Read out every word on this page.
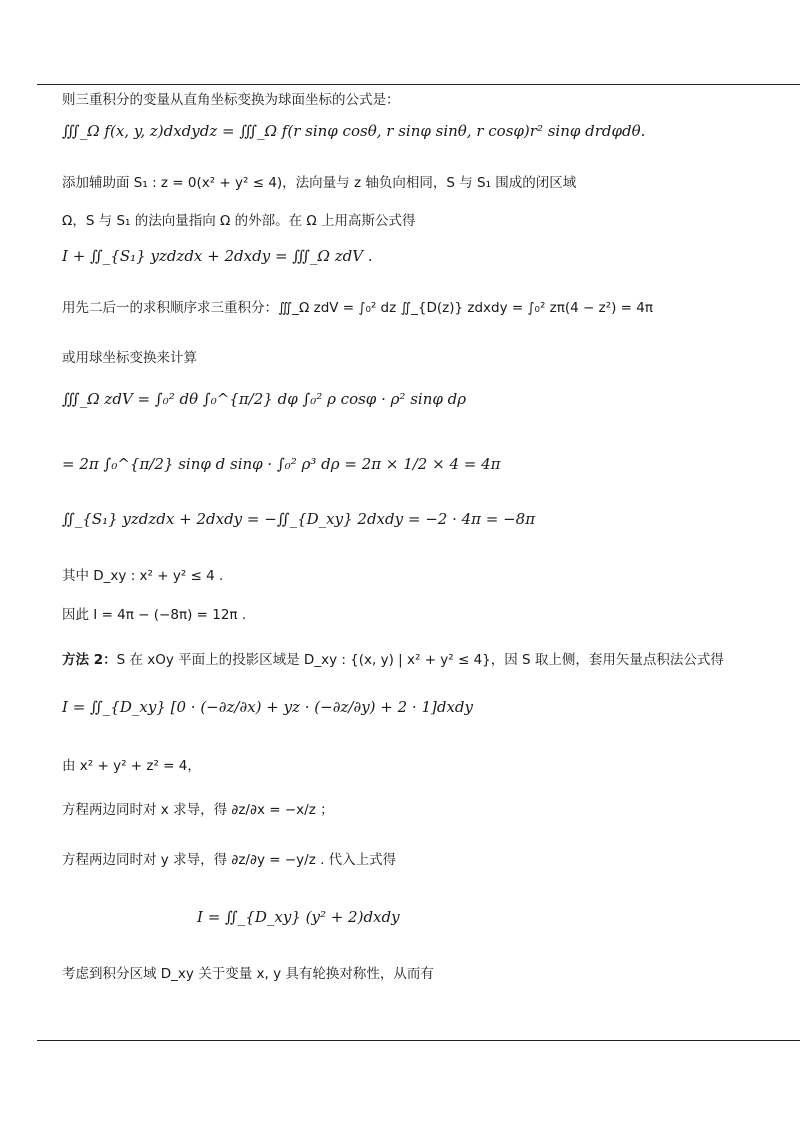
则三重积分的变量从直角坐标变换为球面坐标的公式是：
∭_Ω f(x, y, z)dxdydz = ∭_Ω f(r sinφ cosθ, r sinφ sinθ, r cosφ)r² sinφ drdφdθ.
添加辅助面 S₁ : z = 0(x² + y² ≤ 4)，法向量与 z 轴负向相同，S 与 S₁ 围成的闭区域
Ω，S 与 S₁ 的法向量指向 Ω 的外部。在 Ω 上用高斯公式得
I + ∬_{S₁} yzdzdx + 2dxdy = ∭_Ω zdV .
用先二后一的求积顺序求三重积分：∭_Ω zdV = ∫₀² dz ∬_{D(z)} zdxdy = ∫₀² zπ(4 − z²) = 4π
或用球坐标变换来计算
∭_Ω zdV = ∫₀² dθ ∫₀^{π/2} dφ ∫₀² ρ cosφ · ρ² sinφ dρ
= 2π ∫₀^{π/2} sinφ d sinφ · ∫₀² ρ³ dρ = 2π × 1/2 × 4 = 4π
∬_{S₁} yzdzdx + 2dxdy = −∬_{D_xy} 2dxdy = −2 · 4π = −8π
其中 D_xy : x² + y² ≤ 4 .
因此 I = 4π − (−8π) = 12π .
方法 2：S 在 xOy 平面上的投影区域是 D_xy : {(x, y) | x² + y² ≤ 4}，因 S 取上侧，套用矢量点积法公式得
I = ∬_{D_xy} [0 · (−∂z/∂x) + yz · (−∂z/∂y) + 2 · 1]dxdy
由 x² + y² + z² = 4，
方程两边同时对 x 求导，得 ∂z/∂x = −x/z ；
方程两边同时对 y 求导，得 ∂z/∂y = −y/z . 代入上式得
I = ∬_{D_xy} (y² + 2)dxdy
考虑到积分区域 D_xy 关于变量 x, y 具有轮换对称性，从而有
